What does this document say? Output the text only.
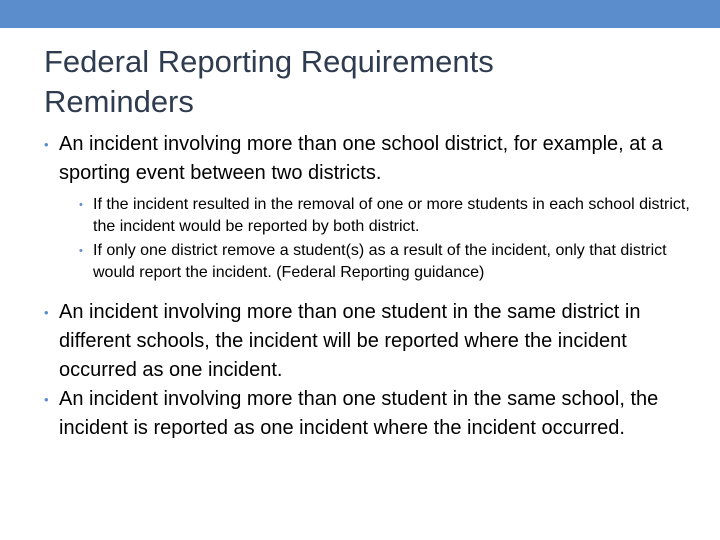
Federal Reporting Requirements
Reminders
• An incident involving more than one school district, for example, at a sporting event between two districts.
• If the incident resulted in the removal of one or more students in each school district, the incident would be reported by both district.
• If only one district remove a student(s) as a result of the incident, only that district would report the incident. (Federal Reporting guidance)
• An incident involving more than one student in the same district in different schools, the incident will be reported where the incident occurred as one incident.
• An incident involving more than one student in the same school, the incident is reported as one incident where the incident occurred.
